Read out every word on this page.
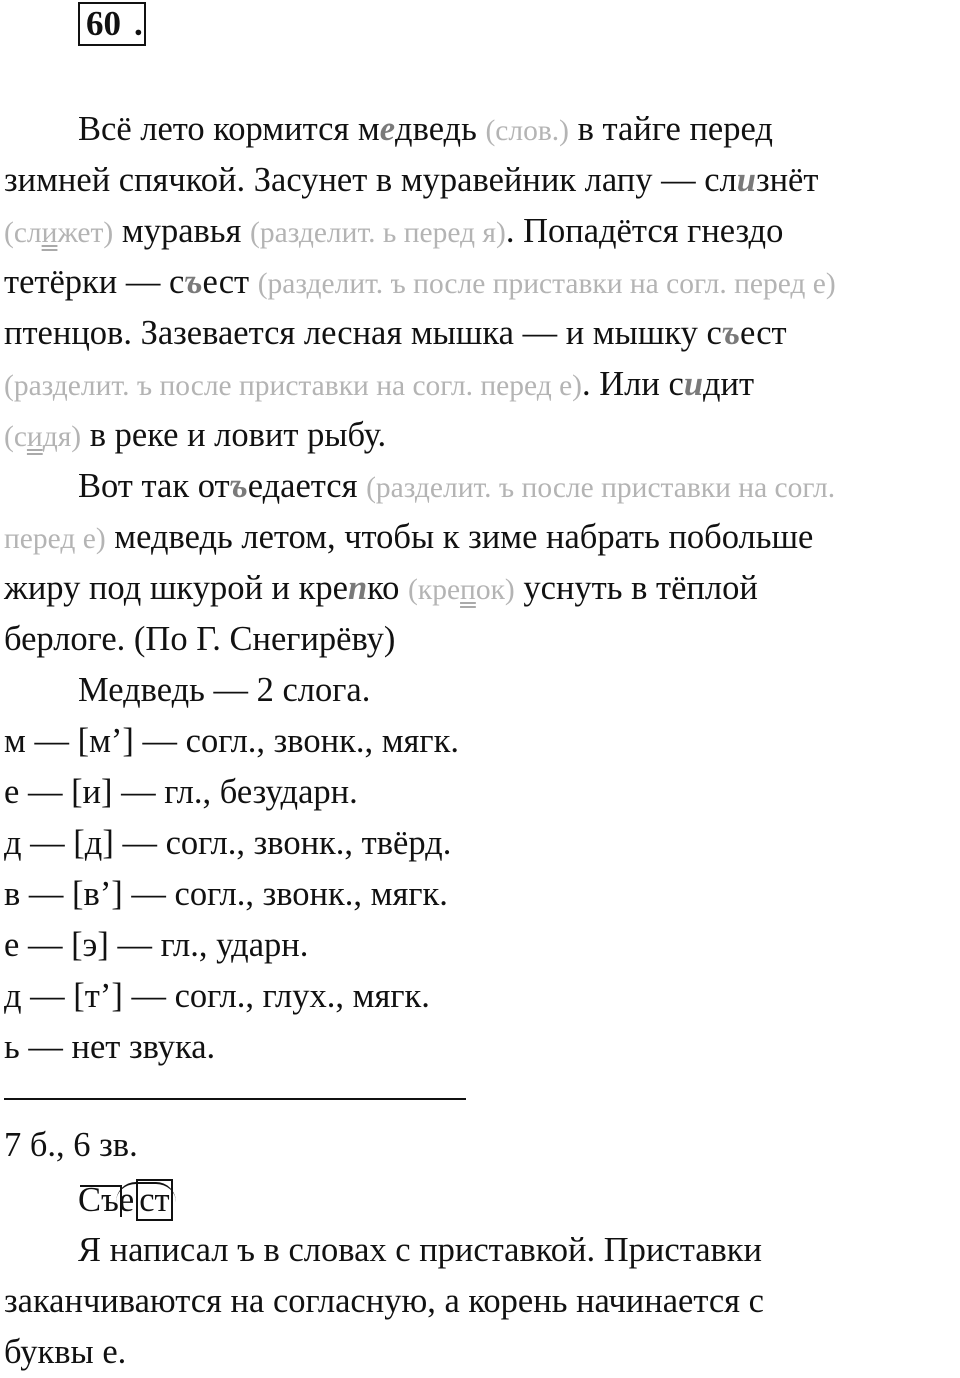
60 .
Всё лето кормится медведь (слов.) в тайге перед
зимней спячкой. Засунет в муравейник лапу — слизнёт
(слижет) муравья (разделит. ь перед я). Попадётся гнездо
тетёрки — съест (разделит. ъ после приставки на согл. перед е)
птенцов. Зазевается лесная мышка — и мышку съест
(разделит. ъ после приставки на согл. перед е). Или сидит
(сидя) в реке и ловит рыбу.
Вот так отъедается (разделит. ъ после приставки на согл.
перед е) медведь летом, чтобы к зиме набрать побольше
жиру под шкурой и крепко (крепок) уснуть в тёплой
берлоге. (По Г. Снегирёву)
Медведь — 2 слога.
м — [м’] — согл., звонк., мягк.
е — [и] — гл., безударн.
д — [д] — согл., звонк., твёрд.
в — [в’] — согл., звонк., мягк.
е — [э] — гл., ударн.
д — [т’] — согл., глух., мягк.
ь — нет звука.
7 б., 6 зв.
Съе ст
Я написал ъ в словах с приставкой. Приставки
заканчиваются на согласную, а корень начинается с
буквы е.
